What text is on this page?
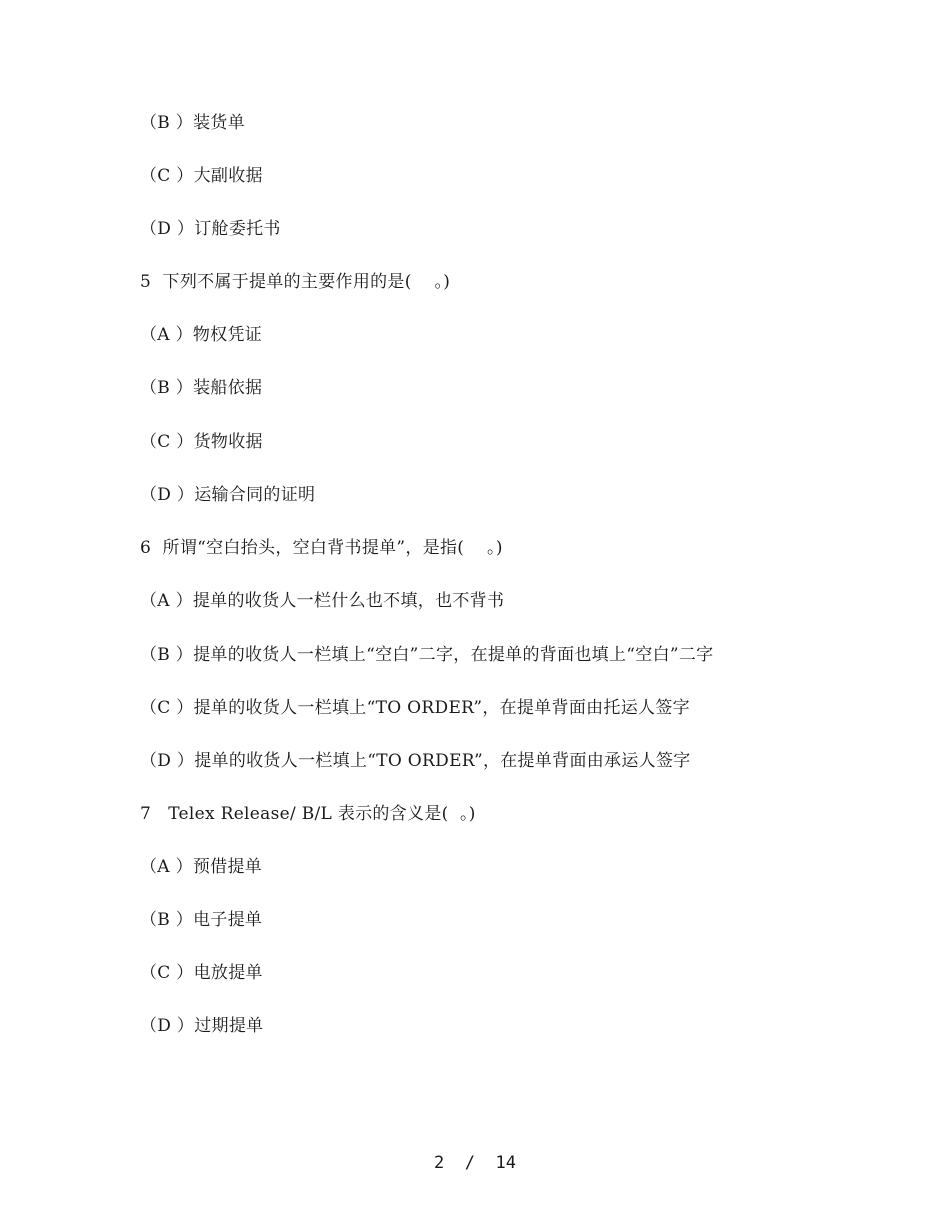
（B ）装货单
（C ）大副收据
（D ）订舱委托书
5  下列不属于提单的主要作用的是(    。)
（A ）物权凭证
（B ）装船依据
（C ）货物收据
（D ）运输合同的证明
6  所谓“空白抬头，空白背书提单”，是指(    。)
（A ）提单的收货人一栏什么也不填，也不背书
（B ）提单的收货人一栏填上“空白”二字，在提单的背面也填上“空白”二字
（C ）提单的收货人一栏填上“TO ORDER”，在提单背面由托运人签字
（D ）提单的收货人一栏填上“TO ORDER”，在提单背面由承运人签字
7   Telex Release/ B/L 表示的含义是(  。)
（A ）预借提单
（B ）电子提单
（C ）电放提单
（D ）过期提单
2  /  14
